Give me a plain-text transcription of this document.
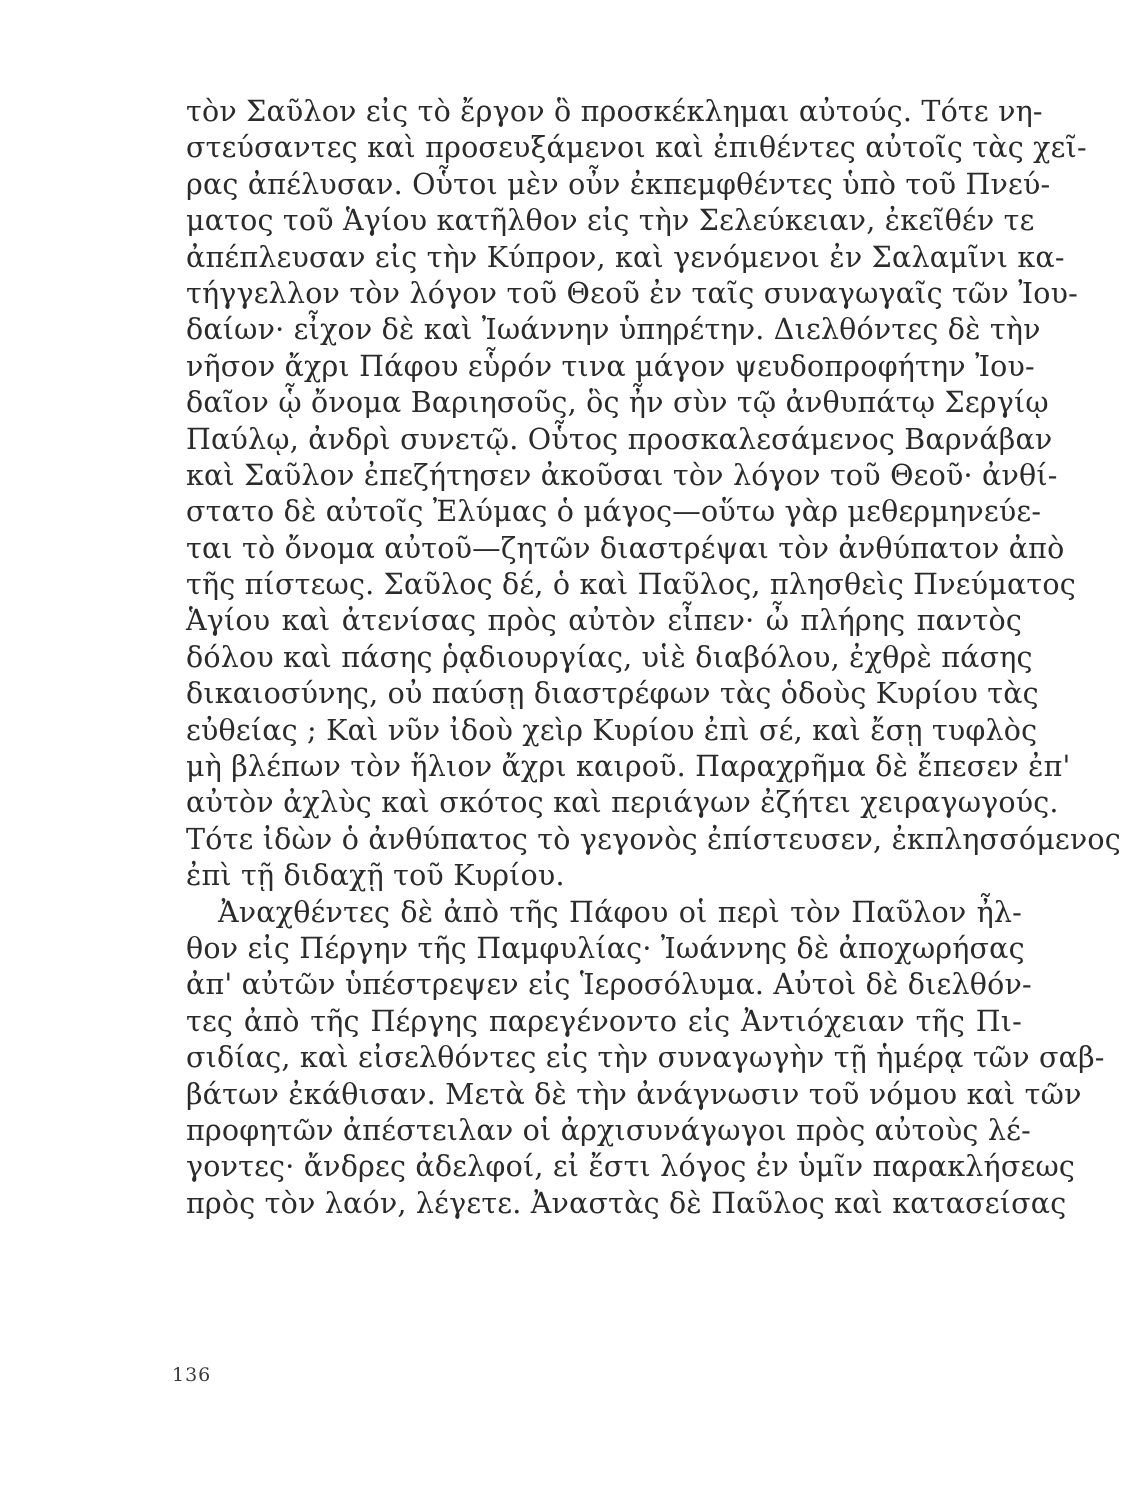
τὸν Σαῦλον εἰς τὸ ἔργον ὃ προσκέκλημαι αὐτούς. Τότε νη-
στεύσαντες καὶ προσευξάμενοι καὶ ἐπιθέντες αὐτοῖς τὰς χεῖ-
ρας ἀπέλυσαν. Οὗτοι μὲν οὖν ἐκπεμφθέντες ὑπὸ τοῦ Πνεύ-
ματος τοῦ Ἁγίου κατῆλθον εἰς τὴν Σελεύκειαν, ἐκεῖθέν τε
ἀπέπλευσαν εἰς τὴν Κύπρον, καὶ γενόμενοι ἐν Σαλαμῖνι κα-
τήγγελλον τὸν λόγον τοῦ Θεοῦ ἐν ταῖς συναγωγαῖς τῶν Ἰου-
δαίων· εἶχον δὲ καὶ Ἰωάννην ὑπηρέτην. Διελθόντες δὲ τὴν
νῆσον ἄχρι Πάφου εὗρόν τινα μάγον ψευδοπροφήτην Ἰου-
δαῖον ᾧ ὄνομα Βαριησοῦς, ὃς ἦν σὺν τῷ ἀνθυπάτῳ Σεργίῳ
Παύλῳ, ἀνδρὶ συνετῷ. Οὗτος προσκαλεσάμενος Βαρνάβαν
καὶ Σαῦλον ἐπεζήτησεν ἀκοῦσαι τὸν λόγον τοῦ Θεοῦ· ἀνθί-
στατο δὲ αὐτοῖς Ἐλύμας ὁ μάγος—οὕτω γὰρ μεθερμηνεύε-
ται τὸ ὄνομα αὐτοῦ—ζητῶν διαστρέψαι τὸν ἀνθύπατον ἀπὸ
τῆς πίστεως. Σαῦλος δέ, ὁ καὶ Παῦλος, πλησθεὶς Πνεύματος
Ἁγίου καὶ ἀτενίσας πρὸς αὐτὸν εἶπεν· ὦ πλήρης παντὸς
δόλου καὶ πάσης ῥᾳδιουργίας, υἱὲ διαβόλου, ἐχθρὲ πάσης
δικαιοσύνης, οὐ παύσῃ διαστρέφων τὰς ὁδοὺς Κυρίου τὰς
εὐθείας ; Καὶ νῦν ἰδοὺ χεὶρ Κυρίου ἐπὶ σέ, καὶ ἔσῃ τυφλὸς
μὴ βλέπων τὸν ἥλιον ἄχρι καιροῦ. Παραχρῆμα δὲ ἔπεσεν ἐπ'
αὐτὸν ἀχλὺς καὶ σκότος καὶ περιάγων ἐζήτει χειραγωγούς.
Τότε ἰδὼν ὁ ἀνθύπατος τὸ γεγονὸς ἐπίστευσεν, ἐκπλησσόμενος
ἐπὶ τῇ διδαχῇ τοῦ Κυρίου.
Ἀναχθέντες δὲ ἀπὸ τῆς Πάφου οἱ περὶ τὸν Παῦλον ἦλ-
θον εἰς Πέργην τῆς Παμφυλίας· Ἰωάννης δὲ ἀποχωρήσας
ἀπ' αὐτῶν ὑπέστρεψεν εἰς Ἱεροσόλυμα. Αὐτοὶ δὲ διελθόν-
τες ἀπὸ τῆς Πέργης παρεγένοντο εἰς Ἀντιόχειαν τῆς Πι-
σιδίας, καὶ εἰσελθόντες εἰς τὴν συναγωγὴν τῇ ἡμέρᾳ τῶν σαβ-
βάτων ἐκάθισαν. Μετὰ δὲ τὴν ἀνάγνωσιν τοῦ νόμου καὶ τῶν
προφητῶν ἀπέστειλαν οἱ ἀρχισυνάγωγοι πρὸς αὐτοὺς λέ-
γοντες· ἄνδρες ἀδελφοί, εἰ ἔστι λόγος ἐν ὑμῖν παρακλήσεως
πρὸς τὸν λαόν, λέγετε. Ἀναστὰς δὲ Παῦλος καὶ κατασείσας
136
